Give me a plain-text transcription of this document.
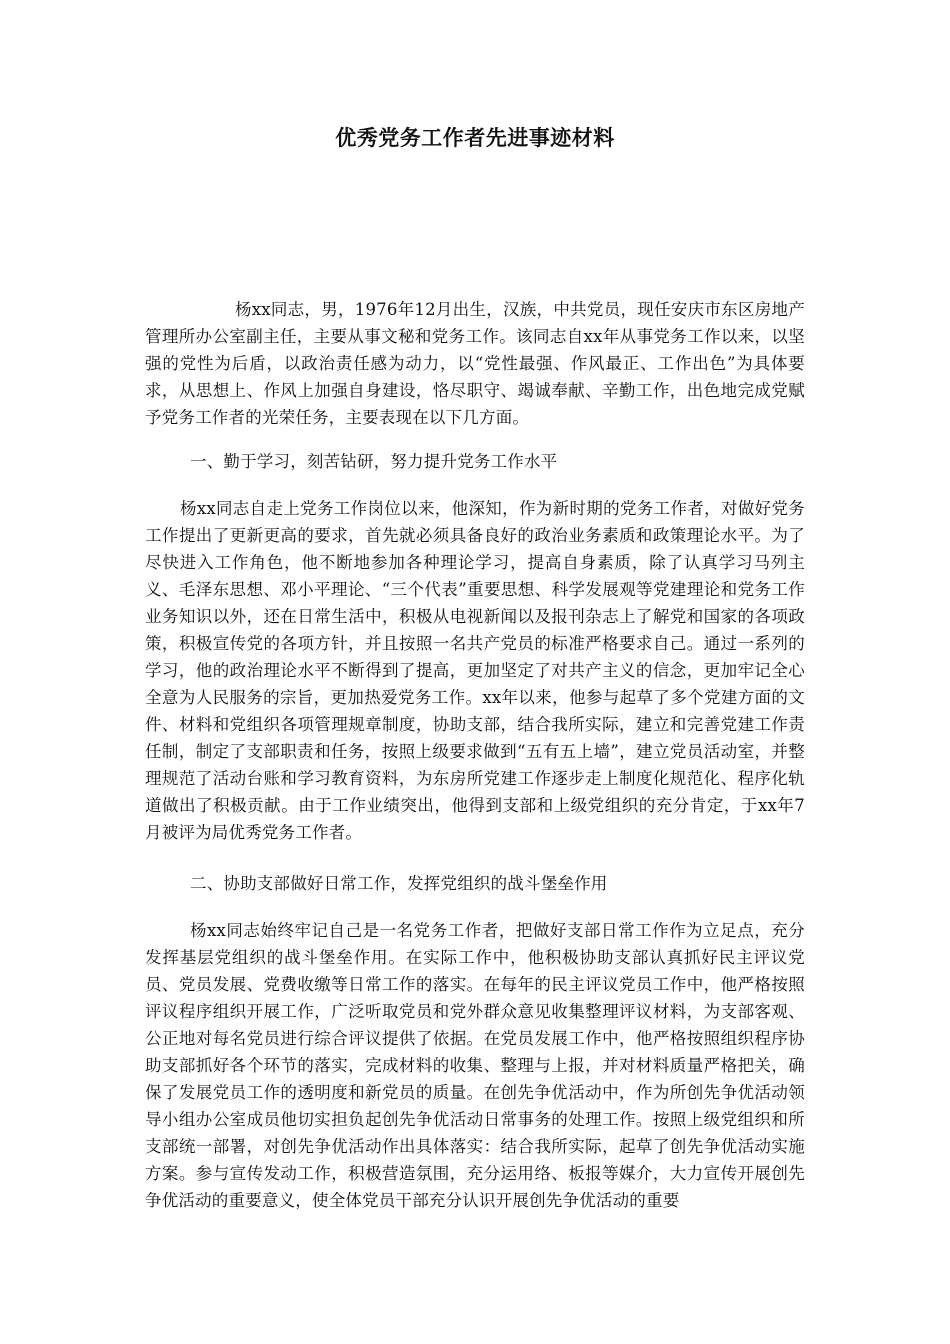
优秀党务工作者先进事迹材料

杨xx同志，男，1976年12月出生，汉族，中共党员，现任安庆市东区房地产管理所办公室副主任，主要从事文秘和党务工作。该同志自xx年从事党务工作以来，以坚强的党性为后盾，以政治责任感为动力，以“党性最强、作风最正、工作出色”为具体要求，从思想上、作风上加强自身建设，恪尽职守、竭诚奉献、辛勤工作，出色地完成党赋予党务工作者的光荣任务，主要表现在以下几方面。

一、勤于学习，刻苦钻研，努力提升党务工作水平

杨xx同志自走上党务工作岗位以来，他深知，作为新时期的党务工作者，对做好党务工作提出了更新更高的要求，首先就必须具备良好的政治业务素质和政策理论水平。为了尽快进入工作角色，他不断地参加各种理论学习，提高自身素质，除了认真学习马列主义、毛泽东思想、邓小平理论、“三个代表”重要思想、科学发展观等党建理论和党务工作业务知识以外，还在日常生活中，积极从电视新闻以及报刊杂志上了解党和国家的各项政策，积极宣传党的各项方针，并且按照一名共产党员的标准严格要求自己。通过一系列的学习，他的政治理论水平不断得到了提高，更加坚定了对共产主义的信念，更加牢记全心全意为人民服务的宗旨，更加热爱党务工作。xx年以来，他参与起草了多个党建方面的文件、材料和党组织各项管理规章制度，协助支部，结合我所实际，建立和完善党建工作责任制，制定了支部职责和任务，按照上级要求做到“五有五上墙”，建立党员活动室，并整理规范了活动台账和学习教育资料，为东房所党建工作逐步走上制度化规范化、程序化轨道做出了积极贡献。由于工作业绩突出，他得到支部和上级党组织的充分肯定，于xx年7月被评为局优秀党务工作者。

二、协助支部做好日常工作，发挥党组织的战斗堡垒作用

杨xx同志始终牢记自己是一名党务工作者，把做好支部日常工作作为立足点，充分发挥基层党组织的战斗堡垒作用。在实际工作中，他积极协助支部认真抓好民主评议党员、党员发展、党费收缴等日常工作的落实。在每年的民主评议党员工作中，他严格按照评议程序组织开展工作，广泛听取党员和党外群众意见收集整理评议材料，为支部客观、公正地对每名党员进行综合评议提供了依据。在党员发展工作中，他严格按照组织程序协助支部抓好各个环节的落实，完成材料的收集、整理与上报，并对材料质量严格把关，确保了发展党员工作的透明度和新党员的质量。在创先争优活动中，作为所创先争优活动领导小组办公室成员他切实担负起创先争优活动日常事务的处理工作。按照上级党组织和所支部统一部署，对创先争优活动作出具体落实：结合我所实际，起草了创先争优活动实施方案。参与宣传发动工作，积极营造氛围，充分运用络、板报等媒介，大力宣传开展创先争优活动的重要意义，使全体党员干部充分认识开展创先争优活动的重要
